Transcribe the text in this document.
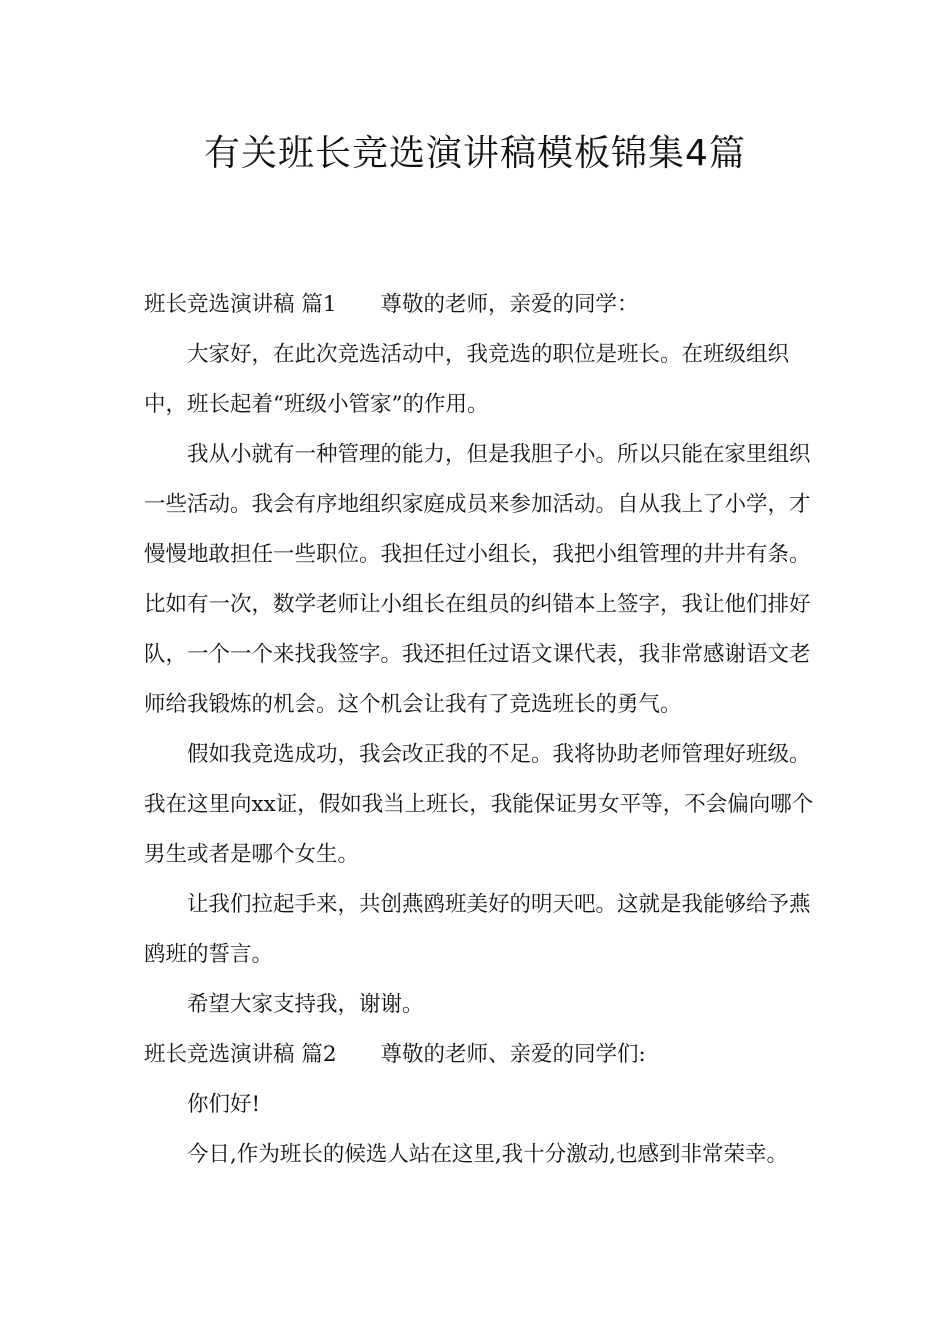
有关班长竞选演讲稿模板锦集4篇
班长竞选演讲稿 篇1 尊敬的老师，亲爱的同学：

大家好，在此次竞选活动中，我竞选的职位是班长。在班级组织中，班长起着“班级小管家”的作用。

我从小就有一种管理的能力，但是我胆子小。所以只能在家里组织一些活动。我会有序地组织家庭成员来参加活动。自从我上了小学，才慢慢地敢担任一些职位。我担任过小组长，我把小组管理的井井有条。比如有一次，数学老师让小组长在组员的纠错本上签字，我让他们排好队，一个一个来找我签字。我还担任过语文课代表，我非常感谢语文老师给我锻炼的机会。这个机会让我有了竞选班长的勇气。

假如我竞选成功，我会改正我的不足。我将协助老师管理好班级。我在这里向xx证，假如我当上班长，我能保证男女平等，不会偏向哪个男生或者是哪个女生。

让我们拉起手来，共创燕鸥班美好的明天吧。这就是我能够给予燕鸥班的誓言。

希望大家支持我，谢谢。

班长竞选演讲稿 篇2 尊敬的老师、亲爱的同学们:

你们好!

今日,作为班长的候选人站在这里,我十分激动,也感到非常荣幸。
